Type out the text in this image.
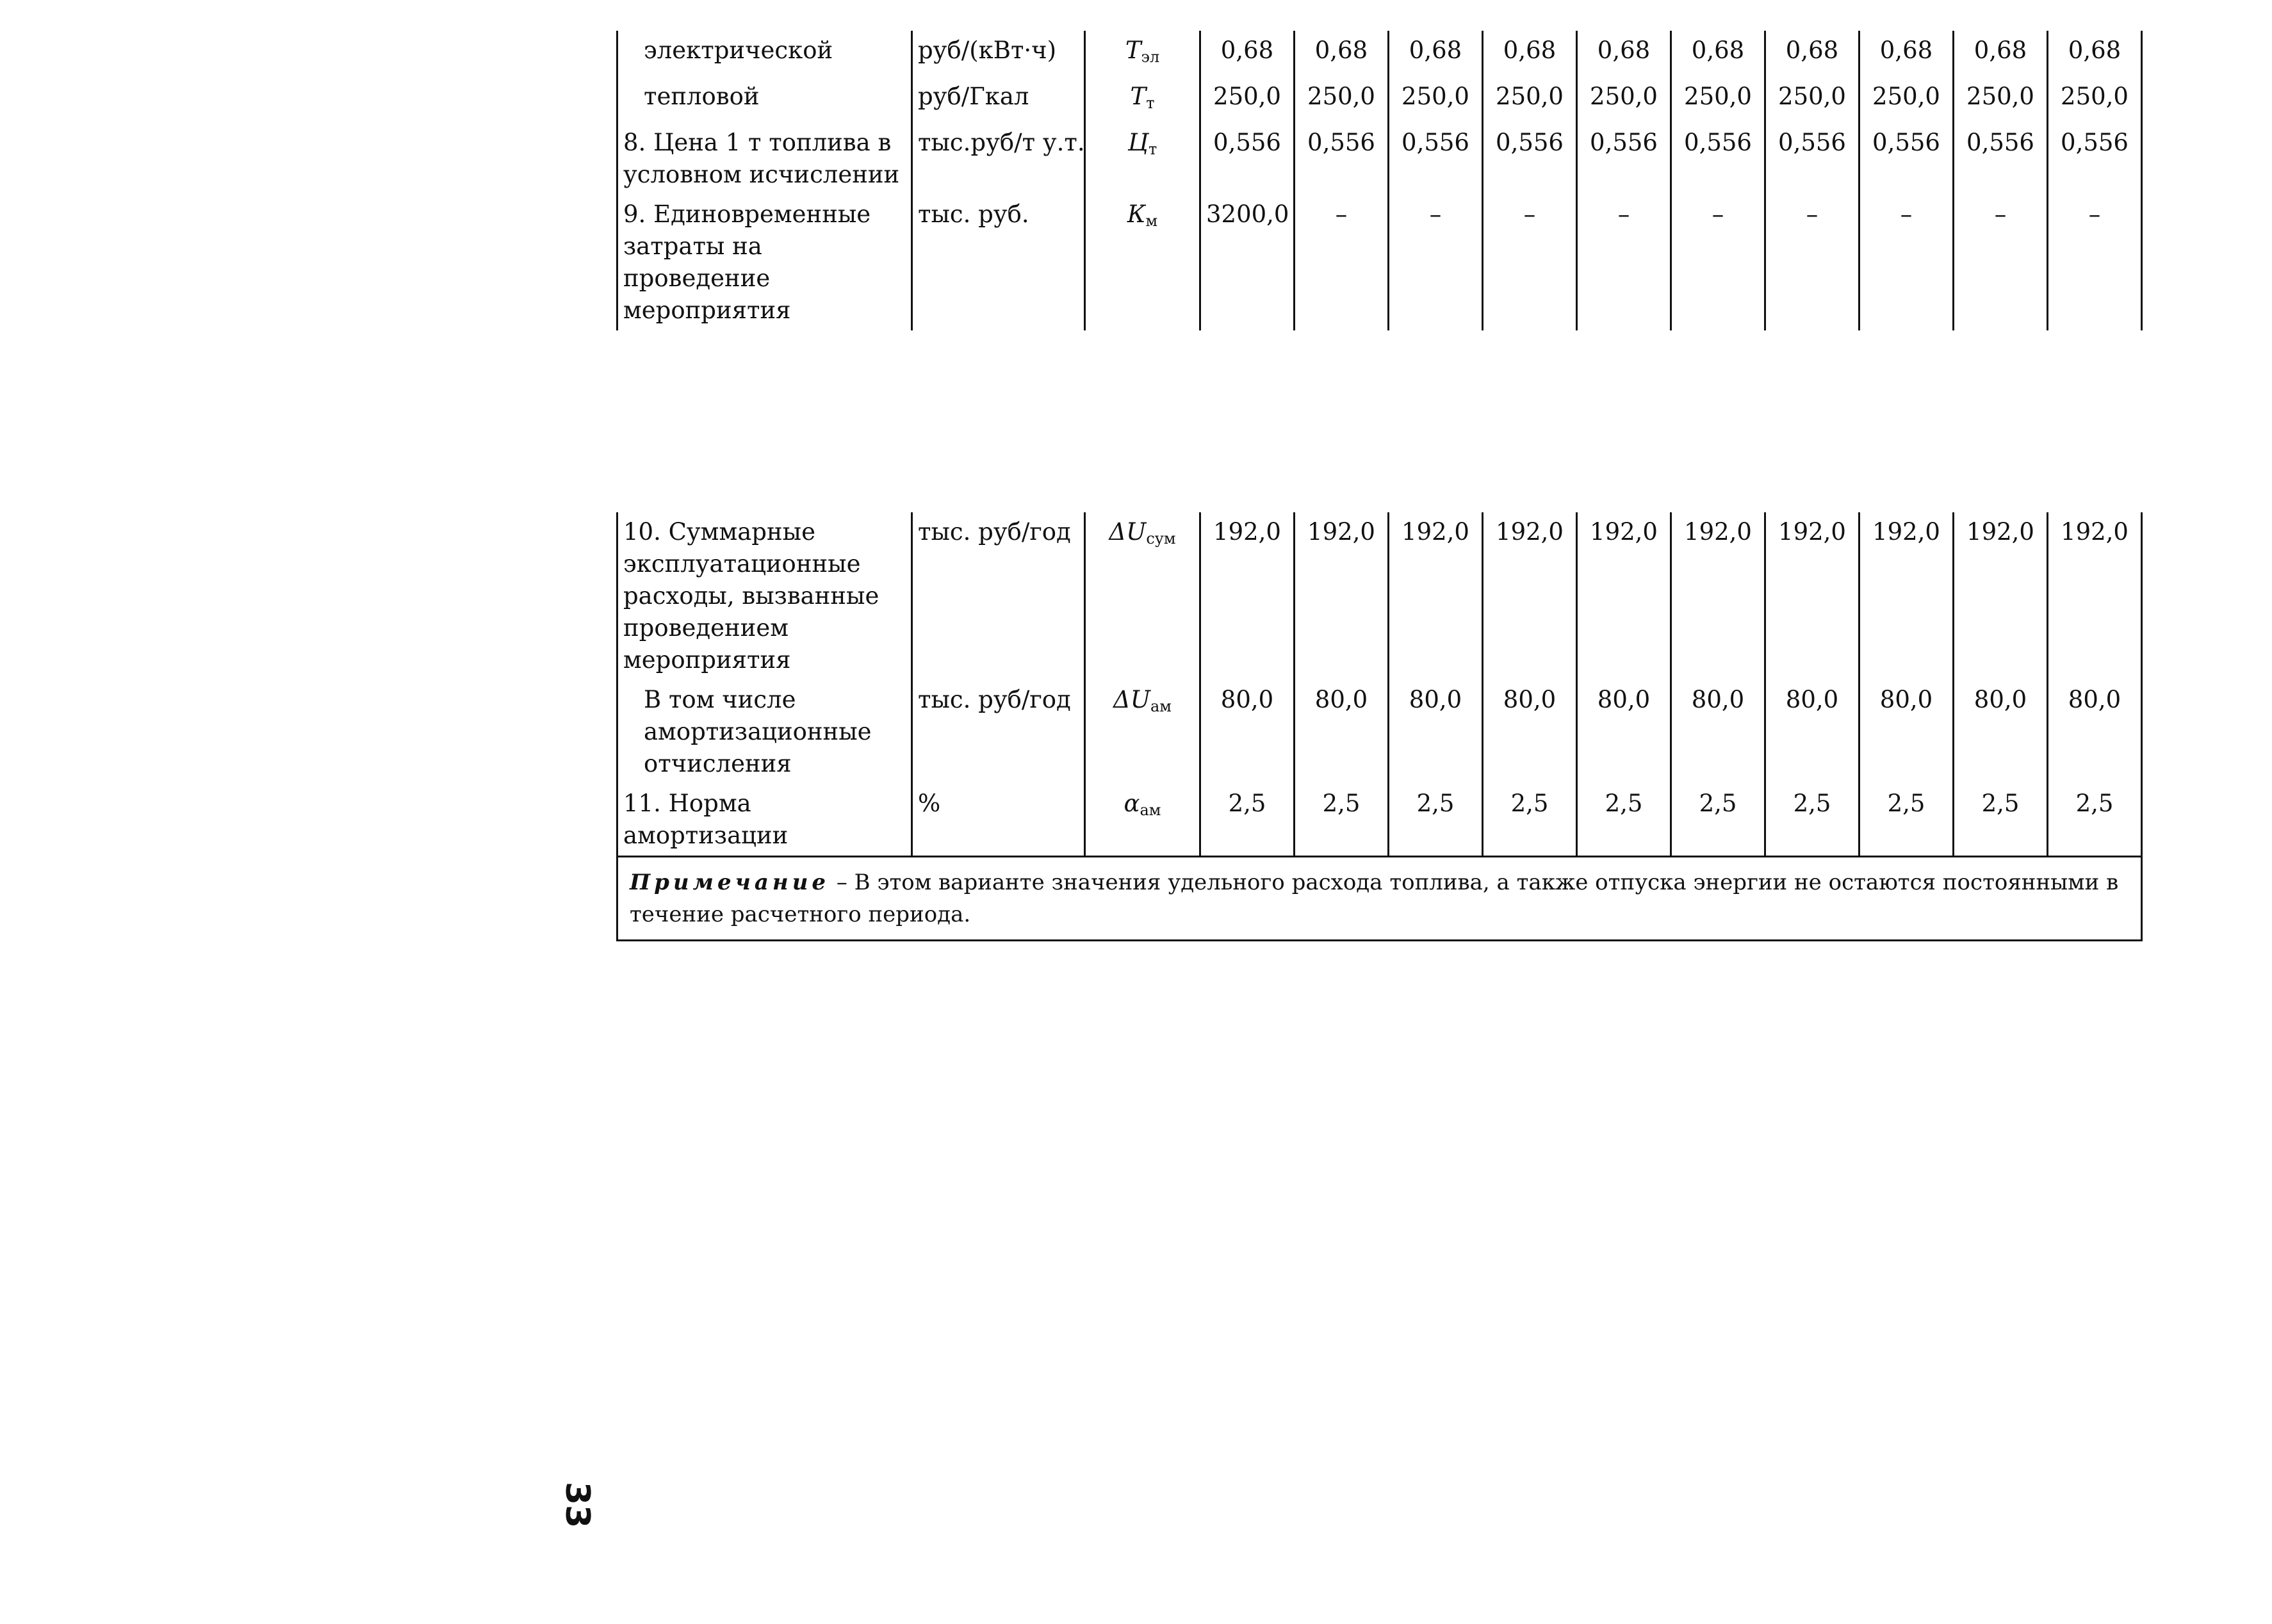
электрической	руб/(кВт·ч)	$T_{эл}$	0,68	0,68	0,68	0,68	0,68	0,68	0,68	0,68	0,68	0,68
тепловой	руб/Гкал	$T_т$	250,0	250,0	250,0	250,0	250,0	250,0	250,0	250,0	250,0	250,0
8. Цена 1 т топлива в условном исчислении	тыс.руб/т у.т.	$Ц_т$	0,556	0,556	0,556	0,556	0,556	0,556	0,556	0,556	0,556	0,556
9. Единовременные затраты на проведение мероприятия	тыс. руб.	$К_м$	3200,0	–	–	–	–	–	–	–	–	–
10. Суммарные эксплуатационные расходы, вызванные проведением мероприятия	тыс. руб/год	$\Delta U_{сум}$	192,0	192,0	192,0	192,0	192,0	192,0	192,0	192,0	192,0	192,0
В том числе амортизационные отчисления	тыс. руб/год	$\Delta U_{ам}$	80,0	80,0	80,0	80,0	80,0	80,0	80,0	80,0	80,0	80,0
11. Норма амортизации	%	$\alpha_{ам}$	2,5	2,5	2,5	2,5	2,5	2,5	2,5	2,5	2,5	2,5
Примечание – В этом варианте значения удельного расхода топлива, а также отпуска энергии не остаются постоянными в течение расчетного периода.												
33
